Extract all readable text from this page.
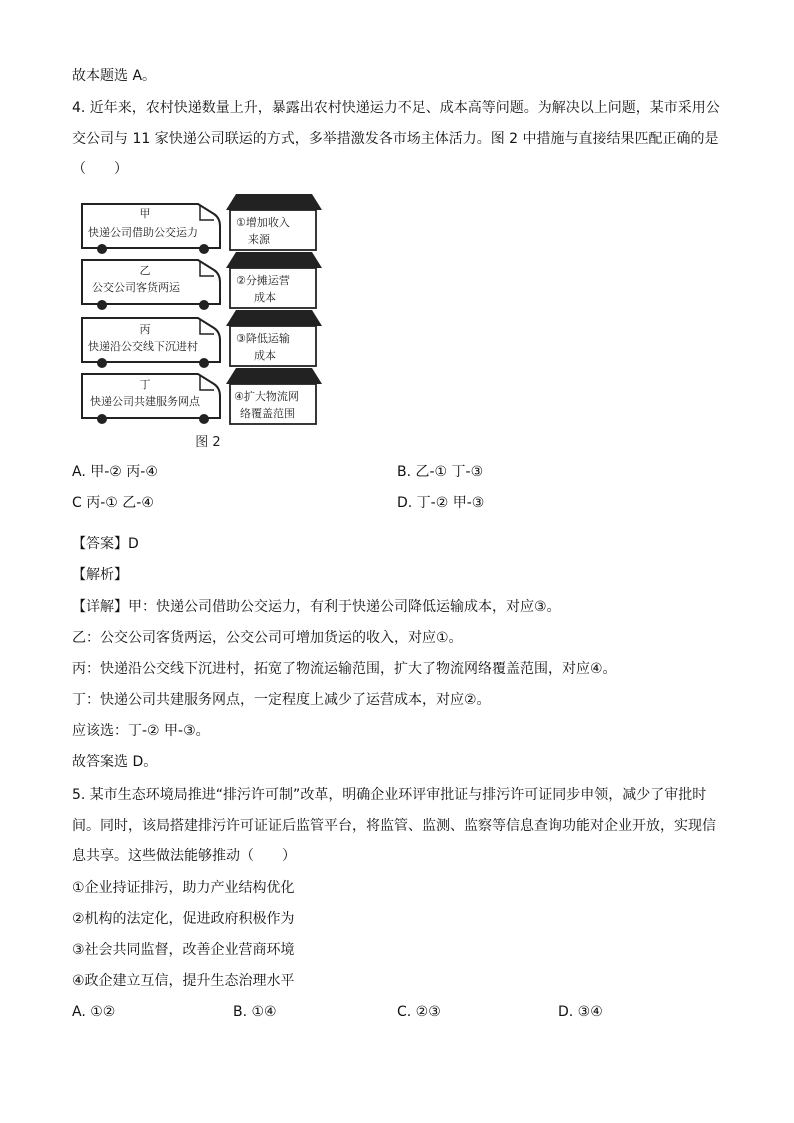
故本题选 A。
4. 近年来，农村快递数量上升，暴露出农村快递运力不足、成本高等问题。为解决以上问题，某市采用公
交公司与 11 家快递公司联运的方式，多举措激发各市场主体活力。图 2 中措施与直接结果匹配正确的是
（　　）
甲
快递公司借助公交运力
乙
公交公司客货两运
丙
快递沿公交线下沉进村
丁
快递公司共建服务网点
①增加收入
来源
②分摊运营
成本
③降低运输
成本
④扩大物流网
络覆盖范围
图 2
A. 甲-② 丙-④	B. 乙-① 丁-③
C 丙-① 乙-④	D. 丁-② 甲-③
【答案】D
【解析】
【详解】甲：快递公司借助公交运力，有利于快递公司降低运输成本，对应③。
乙：公交公司客货两运，公交公司可增加货运的收入，对应①。
丙：快递沿公交线下沉进村，拓宽了物流运输范围，扩大了物流网络覆盖范围，对应④。
丁：快递公司共建服务网点，一定程度上减少了运营成本，对应②。
应该选：丁-② 甲-③。
故答案选 D。
5. 某市生态环境局推进“排污许可制”改革，明确企业环评审批证与排污许可证同步申领，减少了审批时
间。同时，该局搭建排污许可证证后监管平台，将监管、监测、监察等信息查询功能对企业开放，实现信
息共享。这些做法能够推动（　　）
①企业持证排污，助力产业结构优化
②机构的法定化，促进政府积极作为
③社会共同监督，改善企业营商环境
④政企建立互信，提升生态治理水平
A. ①②	B. ①④	C. ②③	D. ③④
